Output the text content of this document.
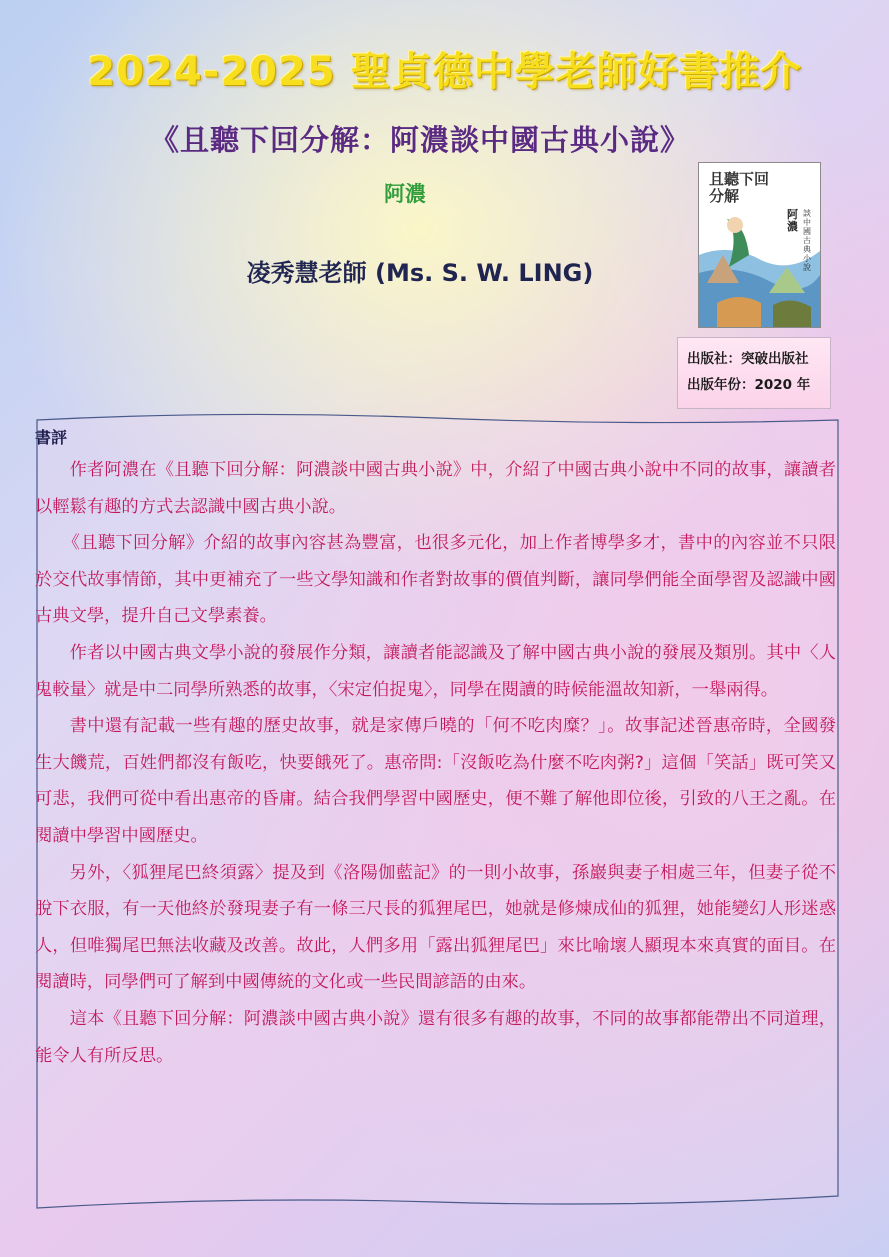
2024-2025 聖貞德中學老師好書推介
《且聽下回分解：阿濃談中國古典小說》
阿濃
凌秀慧老師 (Ms. S. W. LING)
且聽下回分解
阿濃
談中國古典小說
出版社：突破出版社
出版年份：2020 年
書評

作者阿濃在《且聽下回分解：阿濃談中國古典小說》中，介紹了中國古典小說中不同的故事，讓讀者以輕鬆有趣的方式去認識中國古典小說。

《且聽下回分解》介紹的故事內容甚為豐富，也很多元化，加上作者博學多才，書中的內容並不只限於交代故事情節，其中更補充了一些文學知識和作者對故事的價值判斷，讓同學們能全面學習及認識中國古典文學，提升自己文學素養。

作者以中國古典文學小說的發展作分類，讓讀者能認識及了解中國古典小說的發展及類別。其中〈人鬼較量〉就是中二同學所熟悉的故事，〈宋定伯捉鬼〉，同學在閱讀的時候能溫故知新，一舉兩得。

書中還有記載一些有趣的歷史故事，就是家傳戶曉的「何不吃肉糜？」。故事記述晉惠帝時，全國發生大饑荒，百姓們都沒有飯吃，快要餓死了。惠帝問:「沒飯吃為什麼不吃肉粥?」這個「笑話」既可笑又可悲，我們可從中看出惠帝的昏庸。結合我們學習中國歷史，便不難了解他即位後，引致的八王之亂。在閱讀中學習中國歷史。

另外，〈狐狸尾巴終須露〉提及到《洛陽伽藍記》的一則小故事，孫巖與妻子相處三年，但妻子從不脫下衣服，有一天他終於發現妻子有一條三尺長的狐狸尾巴，她就是修煉成仙的狐狸，她能變幻人形迷惑人，但唯獨尾巴無法收藏及改善。故此，人們多用「露出狐狸尾巴」來比喻壞人顯現本來真實的面目。在閱讀時，同學們可了解到中國傳統的文化或一些民間諺語的由來。

這本《且聽下回分解：阿濃談中國古典小說》還有很多有趣的故事，不同的故事都能帶出不同道理，能令人有所反思。
